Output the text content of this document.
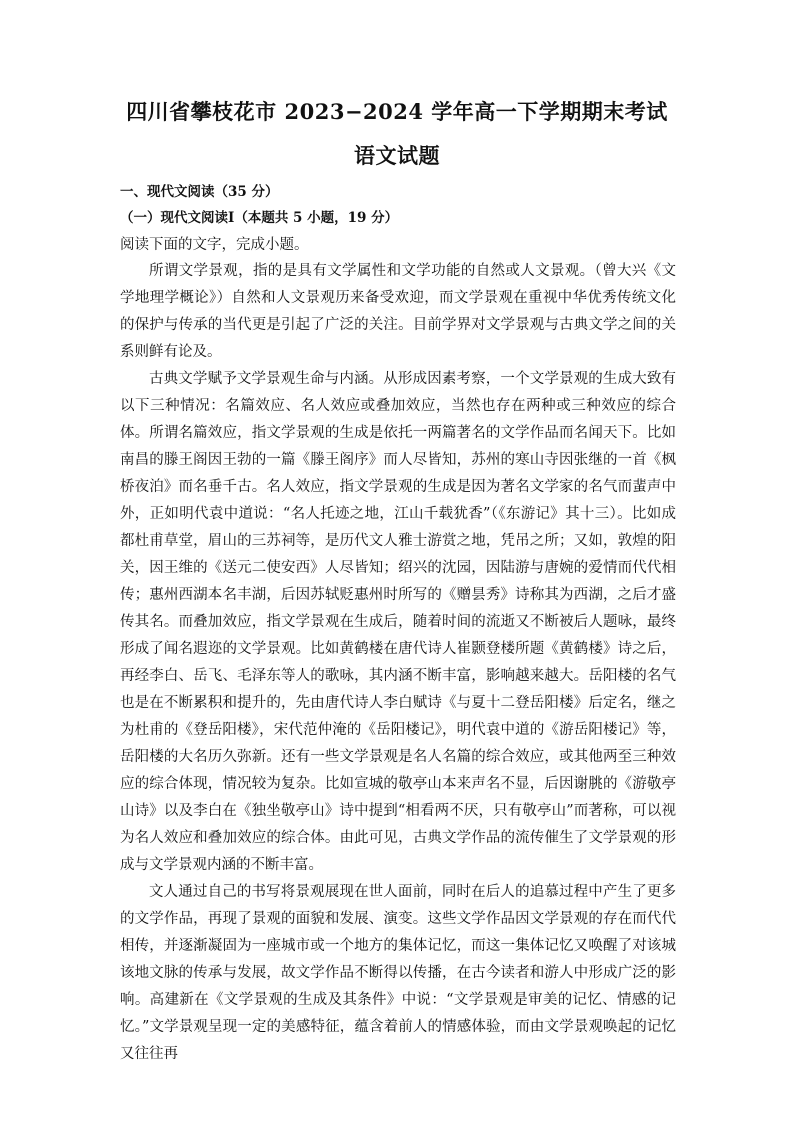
四川省攀枝花市 2023−2024 学年高一下学期期末考试
语文试题
一、现代文阅读（35 分）
（一）现代文阅读Ⅰ（本题共 5 小题，19 分）
阅读下面的文字，完成小题。

所谓文学景观，指的是具有文学属性和文学功能的自然或人文景观。（曾大兴《文学地理学概论》）自然和人文景观历来备受欢迎，而文学景观在重视中华优秀传统文化的保护与传承的当代更是引起了广泛的关注。目前学界对文学景观与古典文学之间的关系则鲜有论及。

古典文学赋予文学景观生命与内涵。从形成因素考察，一个文学景观的生成大致有以下三种情况：名篇效应、名人效应或叠加效应，当然也存在两种或三种效应的综合体。所谓名篇效应，指文学景观的生成是依托一两篇著名的文学作品而名闻天下。比如南昌的滕王阁因王勃的一篇《滕王阁序》而人尽皆知，苏州的寒山寺因张继的一首《枫桥夜泊》而名垂千古。名人效应，指文学景观的生成是因为著名文学家的名气而蜚声中外，正如明代袁中道说：“名人托迹之地，江山千载犹香”（《东游记》其十三）。比如成都杜甫草堂，眉山的三苏祠等，是历代文人雅士游赏之地，凭吊之所；又如，敦煌的阳关，因王维的《送元二使安西》人尽皆知；绍兴的沈园，因陆游与唐婉的爱情而代代相传；惠州西湖本名丰湖，后因苏轼贬惠州时所写的《赠昙秀》诗称其为西湖，之后才盛传其名。而叠加效应，指文学景观在生成后，随着时间的流逝又不断被后人题咏，最终形成了闻名遐迩的文学景观。比如黄鹤楼在唐代诗人崔颢登楼所题《黄鹤楼》诗之后，再经李白、岳飞、毛泽东等人的歌咏，其内涵不断丰富，影响越来越大。岳阳楼的名气也是在不断累积和提升的，先由唐代诗人李白赋诗《与夏十二登岳阳楼》后定名，继之为杜甫的《登岳阳楼》，宋代范仲淹的《岳阳楼记》，明代袁中道的《游岳阳楼记》等，岳阳楼的大名历久弥新。还有一些文学景观是名人名篇的综合效应，或其他两至三种效应的综合体现，情况较为复杂。比如宣城的敬亭山本来声名不显，后因谢朓的《游敬亭山诗》以及李白在《独坐敬亭山》诗中提到“相看两不厌，只有敬亭山”而著称，可以视为名人效应和叠加效应的综合体。由此可见，古典文学作品的流传催生了文学景观的形成与文学景观内涵的不断丰富。

文人通过自己的书写将景观展现在世人面前，同时在后人的追慕过程中产生了更多的文学作品，再现了景观的面貌和发展、演变。这些文学作品因文学景观的存在而代代相传，并逐渐凝固为一座城市或一个地方的集体记忆，而这一集体记忆又唤醒了对该城该地文脉的传承与发展，故文学作品不断得以传播，在古今读者和游人中形成广泛的影响。高建新在《文学景观的生成及其条件》中说：“文学景观是审美的记忆、情感的记忆。”文学景观呈现一定的美感特征，蕴含着前人的情感体验，而由文学景观唤起的记忆又往往再
